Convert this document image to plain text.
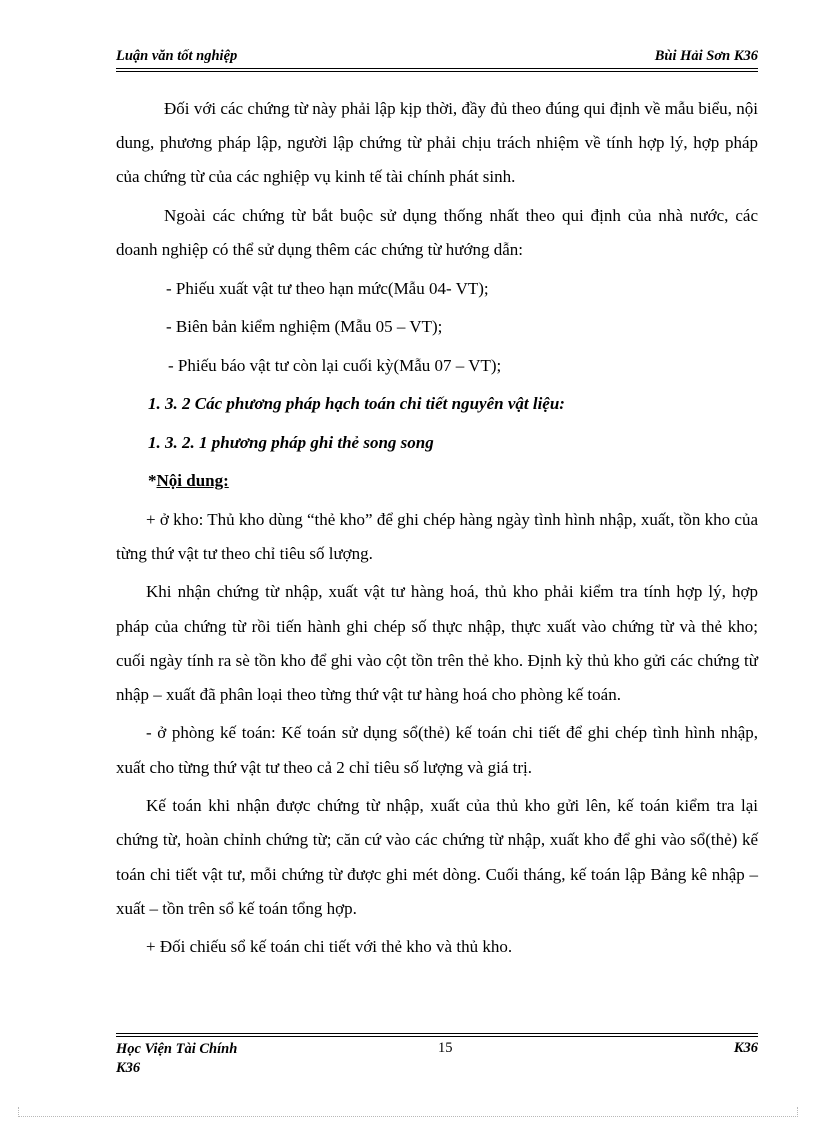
Luận văn tốt nghiệp	Bùi Hải Sơn K36

Đối với các chứng từ này phải lập kịp thời, đầy đủ theo đúng qui định về mẫu biểu, nội dung, phương pháp lập, người lập chứng từ phải chịu trách nhiệm về tính hợp lý, hợp pháp của chứng từ của các nghiệp vụ kinh tế tài chính phát sinh.

Ngoài các chứng từ bắt buộc sử dụng thống nhất theo qui định của nhà nước, các doanh nghiệp có thể sử dụng thêm các chứng từ hướng dẫn:

- Phiếu xuất vật tư theo hạn mức(Mẫu 04- VT);

- Biên bản kiểm nghiệm (Mẫu 05 – VT);

- Phiếu báo vật tư còn lại cuối kỳ(Mẫu 07 – VT);

1. 3. 2 Các phương pháp hạch toán chi tiết nguyên vật liệu:

1. 3. 2. 1 phương pháp ghi thẻ song song

*Nội dung:

+ ở kho: Thủ kho dùng “thẻ kho” để ghi chép hàng ngày tình hình nhập, xuất, tồn kho của từng thứ vật tư theo chỉ tiêu số lượng.

Khi nhận chứng từ nhập, xuất vật tư hàng hoá, thủ kho phải kiểm tra tính hợp lý, hợp pháp của chứng từ rồi tiến hành ghi chép số thực nhập, thực xuất vào chứng từ và thẻ kho; cuối ngày tính ra sè tồn kho để ghi vào cột tồn trên thẻ kho. Định kỳ thủ kho gửi các chứng từ nhập – xuất đã phân loại theo từng thứ vật tư hàng hoá cho phòng kế toán.

- ở phòng kế toán: Kế toán sử dụng sổ(thẻ) kế toán chi tiết để ghi chép tình hình nhập, xuất cho từng thứ vật tư theo cả 2 chỉ tiêu số lượng và giá trị.

Kế toán khi nhận được chứng từ nhập, xuất của thủ kho gửi lên, kế toán kiểm tra lại chứng từ, hoàn chỉnh chứng từ; căn cứ vào các chứng từ nhập, xuất kho để ghi vào sổ(thẻ) kế toán chi tiết vật tư, mỗi chứng từ được ghi mét dòng. Cuối tháng, kế toán lập Bảng kê nhập – xuất – tồn trên sổ kế toán tổng hợp.

+ Đối chiếu sổ kế toán chi tiết với thẻ kho và thủ kho.

Học Viện Tài Chính
K36
15	K36
